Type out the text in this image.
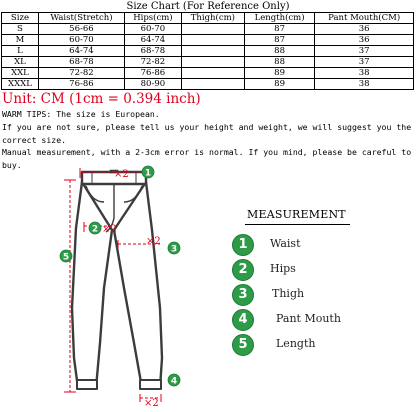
Size Chart (For Reference Only)
Size	Waist(Stretch)	Hips(cm)	Thigh(cm)	Length(cm)	Pant Mouth(CM)
S	56-66	60-70		87	36
M	60-70	64-74		87	36
L	64-74	68-78		88	37
XL	68-78	72-82		88	37
XXL	72-82	76-86		89	38
XXXL	76-86	80-90		89	38
Unit: CM (1cm = 0.394 inch)

WARM TIPS: The size is European.

If you are not sure, please tell us your height and weight, we will suggest you the correct size.

Manual measurement, with a 2-3cm error is normal. If you mind, please be careful to buy.

×2 1
2 ×2
×2
3
4
×2
5
MEASUREMENT
1	Waist
2	Hips
3	Thigh
4	Pant Mouth
5	Length
